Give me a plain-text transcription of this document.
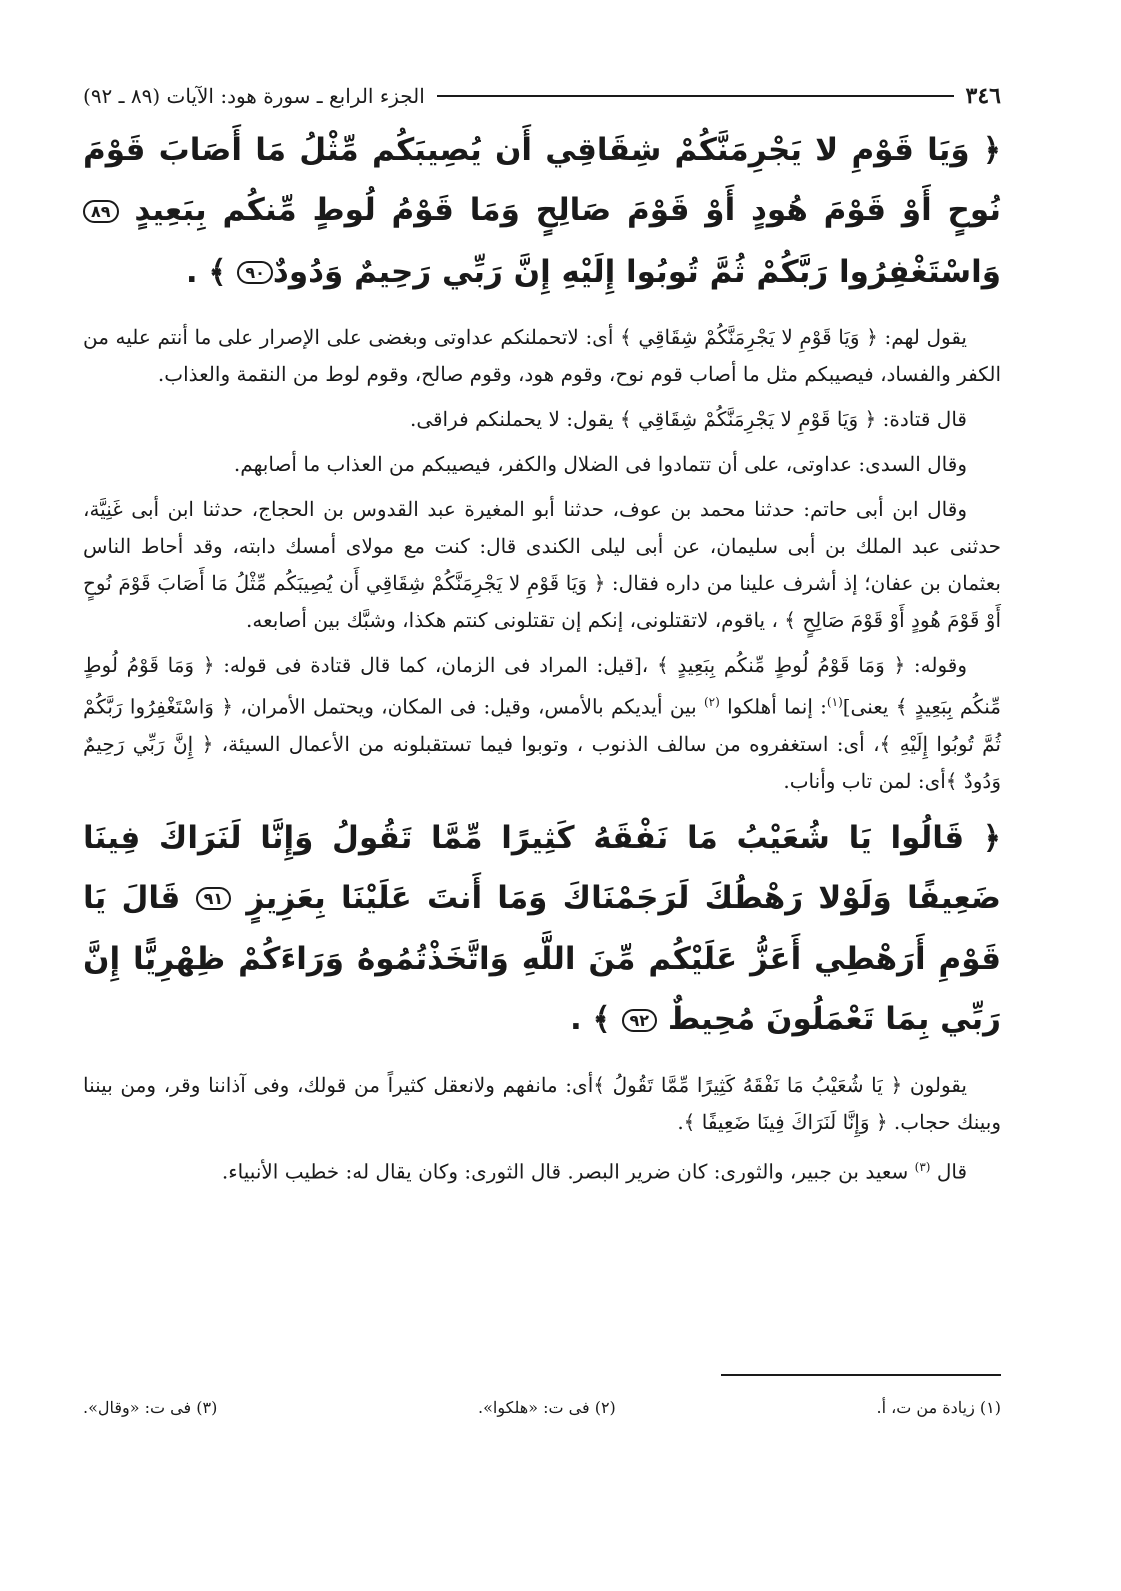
٣٤٦
الجزء الرابع ـ سورة هود: الآيات (٨٩ ـ ٩٢)
﴿ وَيَا قَوْمِ لا يَجْرِمَنَّكُمْ شِقَاقِي أَن يُصِيبَكُم مِّثْلُ مَا أَصَابَ قَوْمَ نُوحٍ أَوْ قَوْمَ هُودٍ أَوْ قَوْمَ صَالِحٍ وَمَا قَوْمُ لُوطٍ مِّنكُم بِبَعِيدٍ ٨٩ وَاسْتَغْفِرُوا رَبَّكُمْ ثُمَّ تُوبُوا إِلَيْهِ إِنَّ رَبِّي رَحِيمٌ وَدُودٌ٩٠ ﴾ .

يقول لهم: ﴿ وَيَا قَوْمِ لا يَجْرِمَنَّكُمْ شِقَاقِي ﴾ أى: لاتحملنكم عداوتى وبغضى على الإصرار على ما أنتم عليه من الكفر والفساد، فيصيبكم مثل ما أصاب قوم نوح، وقوم هود، وقوم صالح، وقوم لوط من النقمة والعذاب.

قال قتادة: ﴿ وَيَا قَوْمِ لا يَجْرِمَنَّكُمْ شِقَاقِي ﴾ يقول: لا يحملنكم فراقى.

وقال السدى: عداوتى، على أن تتمادوا فى الضلال والكفر، فيصيبكم من العذاب ما أصابهم.

وقال ابن أبى حاتم: حدثنا محمد بن عوف، حدثنا أبو المغيرة عبد القدوس بن الحجاج، حدثنا ابن أبى غَنِيَّة، حدثنى عبد الملك بن أبى سليمان، عن أبى ليلى الكندى قال: كنت مع مولاى أمسك دابته، وقد أحاط الناس بعثمان بن عفان؛ إذ أشرف علينا من داره فقال: ﴿ وَيَا قَوْمِ لا يَجْرِمَنَّكُمْ شِقَاقِي أَن يُصِيبَكُم مِّثْلُ مَا أَصَابَ قَوْمَ نُوحٍ أَوْ قَوْمَ هُودٍ أَوْ قَوْمَ صَالِحٍ ﴾ ، ياقوم، لاتقتلونى، إنكم إن تقتلونى كنتم هكذا، وشبَّك بين أصابعه.

وقوله: ﴿ وَمَا قَوْمُ لُوطٍ مِّنكُم بِبَعِيدٍ ﴾ ،[قيل: المراد فى الزمان، كما قال قتادة فى قوله: ﴿ وَمَا قَوْمُ لُوطٍ مِّنكُم بِبَعِيدٍ ﴾ يعنى]$^{(١)}$: إنما أهلكوا $^{(٢)}$ بين أيديكم بالأمس، وقيل: فى المكان، ويحتمل الأمران، ﴿ وَاسْتَغْفِرُوا رَبَّكُمْ ثُمَّ تُوبُوا إِلَيْهِ ﴾، أى: استغفروه من سالف الذنوب ، وتوبوا فيما تستقبلونه من الأعمال السيئة، ﴿ إِنَّ رَبِّي رَحِيمٌ وَدُودٌ ﴾أى: لمن تاب وأناب.

﴿ قَالُوا يَا شُعَيْبُ مَا نَفْقَهُ كَثِيرًا مِّمَّا تَقُولُ وَإِنَّا لَنَرَاكَ فِينَا ضَعِيفًا وَلَوْلا رَهْطُكَ لَرَجَمْنَاكَ وَمَا أَنتَ عَلَيْنَا بِعَزِيزٍ ٩١ قَالَ يَا قَوْمِ أَرَهْطِي أَعَزُّ عَلَيْكُم مِّنَ اللَّهِ وَاتَّخَذْتُمُوهُ وَرَاءَكُمْ ظِهْرِيًّا إِنَّ رَبِّي بِمَا تَعْمَلُونَ مُحِيطٌ ٩٢ ﴾ .

يقولون ﴿ يَا شُعَيْبُ مَا نَفْقَهُ كَثِيرًا مِّمَّا تَقُولُ ﴾أى: مانفهم ولانعقل كثيراً من قولك، وفى آذاننا وقر، ومن بيننا وبينك حجاب. ﴿ وَإِنَّا لَنَرَاكَ فِينَا ضَعِيفًا ﴾.

قال $^{(٣)}$ سعيد بن جبير، والثورى: كان ضرير البصر. قال الثورى: وكان يقال له: خطيب الأنبياء.

(١) زيادة من ت، أ.
(٢) فى ت: «هلكوا».
(٣) فى ت: «وقال».
